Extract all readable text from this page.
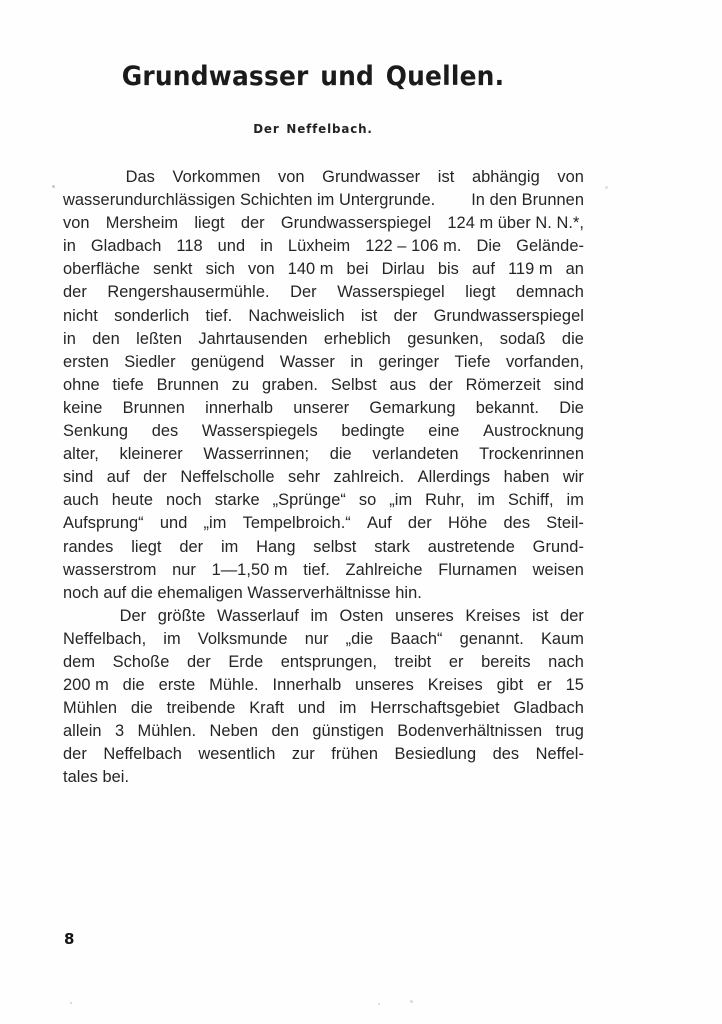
Grundwasser und Quellen.
Der Neffelbach.
Das Vorkommen von Grundwasser ist abhängig von
wasserundurchlässigen Schichten im Untergrunde. In den Brunnen
von Mersheim liegt der Grundwasserspiegel 124 m über N. N.*,
in Gladbach 118 und in Lüxheim 122 – 106 m. Die Gelände-
oberfläche senkt sich von 140 m bei Dirlau bis auf 119 m an
der Rengershausermühle. Der Wasserspiegel liegt demnach
nicht sonderlich tief. Nachweislich ist der Grundwasserspiegel
in den leßten Jahrtausenden erheblich gesunken, sodaß die
ersten Siedler genügend Wasser in geringer Tiefe vorfanden,
ohne tiefe Brunnen zu graben. Selbst aus der Römerzeit sind
keine Brunnen innerhalb unserer Gemarkung bekannt. Die
Senkung des Wasserspiegels bedingte eine Austrocknung
alter, kleinerer Wasserrinnen; die verlandeten Trockenrinnen
sind auf der Neffelscholle sehr zahlreich. Allerdings haben wir
auch heute noch starke „Sprünge“ so „im Ruhr, im Schiff, im
Aufsprung“ und „im Tempelbroich.“ Auf der Höhe des Steil-
randes liegt der im Hang selbst stark austretende Grund-
wasserstrom nur 1—1,50 m tief. Zahlreiche Flurnamen weisen
noch auf die ehemaligen Wasserverhältnisse hin.
Der größte Wasserlauf im Osten unseres Kreises ist der
Neffelbach, im Volksmunde nur „die Baach“ genannt. Kaum
dem Schoße der Erde entsprungen, treibt er bereits nach
200 m die erste Mühle. Innerhalb unseres Kreises gibt er 15
Mühlen die treibende Kraft und im Herrschaftsgebiet Gladbach
allein 3 Mühlen. Neben den günstigen Bodenverhältnissen trug
der Neffelbach wesentlich zur frühen Besiedlung des Neffel-
tales bei.
8
